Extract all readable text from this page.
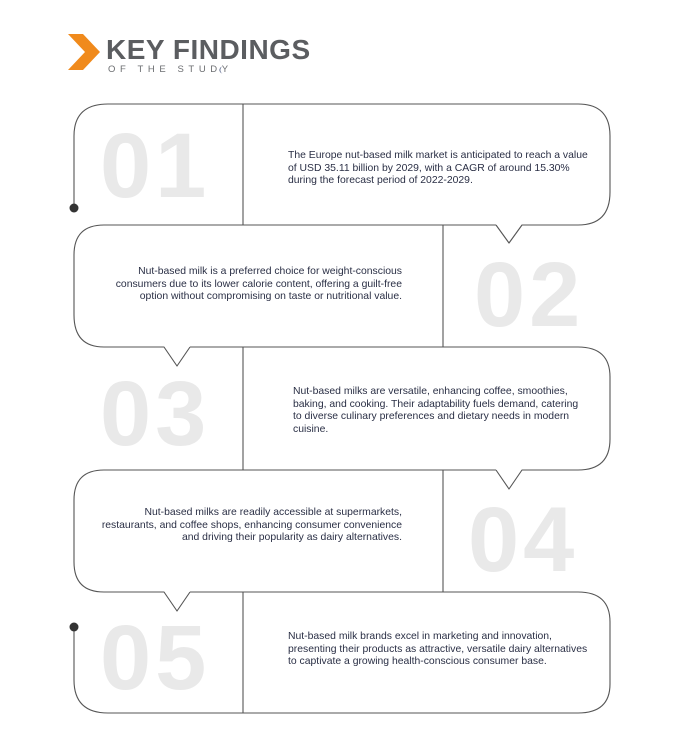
KEY FINDINGS
OF THE STUDY
01	The Europe nut-based milk market is anticipated to reach a value of USD 35.11 billion by 2029, with a CAGR of around 15.30% during the forecast period of 2022-2029.

02

Nut-based milk is a preferred choice for weight-conscious consumers due to its lower calorie content, offering a guilt-free option without compromising on taste or nutritional value.

03	Nut-based milks are versatile, enhancing coffee, smoothies, baking, and cooking. Their adaptability fuels demand, catering to diverse culinary preferences and dietary needs in modern cuisine.

04

Nut-based milks are readily accessible at supermarkets, restaurants, and coffee shops, enhancing consumer convenience and driving their popularity as dairy alternatives.

05	Nut-based milk brands excel in marketing and innovation, presenting their products as attractive, versatile dairy alternatives to captivate a growing health-conscious consumer base.
